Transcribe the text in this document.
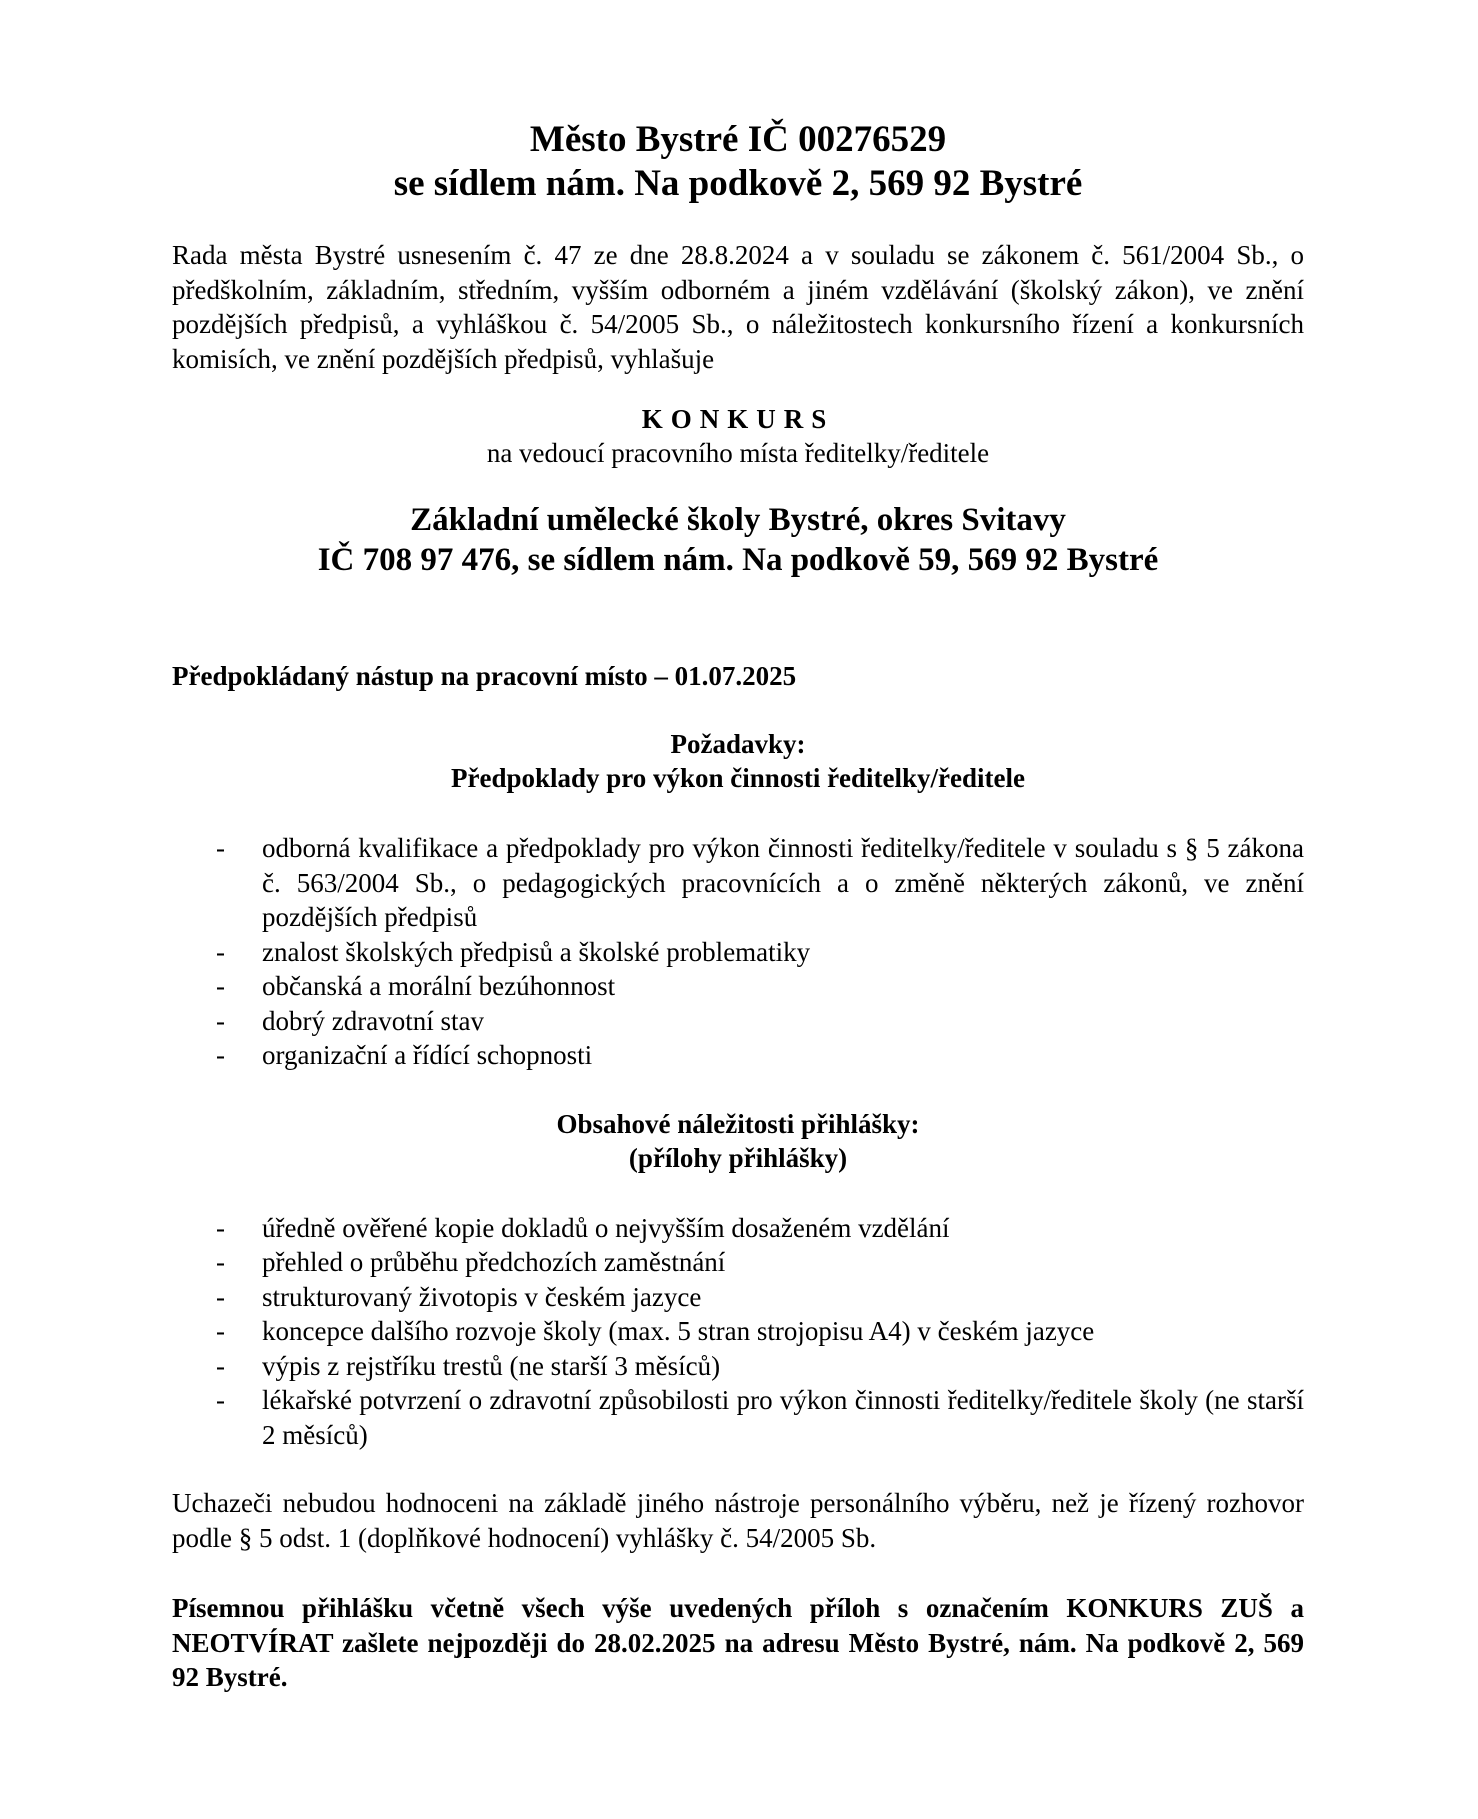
Město Bystré IČ 00276529
se sídlem nám. Na podkově 2, 569 92 Bystré

Rada města Bystré usnesením č. 47 ze dne 28.8.2024 a v souladu se zákonem č. 561/2004 Sb., o předškolním, základním, středním, vyšším odborném a jiném vzdělávání (školský zákon), ve znění pozdějších předpisů, a vyhláškou č. 54/2005 Sb., o náležitostech konkursního řízení a konkursních komisích, ve znění pozdějších předpisů, vyhlašuje

KONKURS
na vedoucí pracovního místa ředitelky/ředitele
Základní umělecké školy Bystré, okres Svitavy
IČ 708 97 476, se sídlem nám. Na podkově 59, 569 92 Bystré
Předpokládaný nástup na pracovní místo – 01.07.2025
Požadavky:
Předpoklady pro výkon činnosti ředitelky/ředitele
- odborná kvalifikace a předpoklady pro výkon činnosti ředitelky/ředitele v souladu s § 5 zákona č. 563/2004 Sb., o pedagogických pracovnících a o změně některých zákonů, ve znění pozdějších předpisů
- znalost školských předpisů a školské problematiky
- občanská a morální bezúhonnost
- dobrý zdravotní stav
- organizační a řídící schopnosti
Obsahové náležitosti přihlášky:
(přílohy přihlášky)
- úředně ověřené kopie dokladů o nejvyšším dosaženém vzdělání
- přehled o průběhu předchozích zaměstnání
- strukturovaný životopis v českém jazyce
- koncepce dalšího rozvoje školy (max. 5 stran strojopisu A4) v českém jazyce
- výpis z rejstříku trestů (ne starší 3 měsíců)
- lékařské potvrzení o zdravotní způsobilosti pro výkon činnosti ředitelky/ředitele školy (ne starší 2 měsíců)

Uchazeči nebudou hodnoceni na základě jiného nástroje personálního výběru, než je řízený rozhovor podle § 5 odst. 1 (doplňkové hodnocení) vyhlášky č. 54/2005 Sb.

Písemnou přihlášku včetně všech výše uvedených příloh s označením KONKURS ZUŠ a NEOTVÍRAT zašlete nejpozději do 28.02.2025 na adresu Město Bystré, nám. Na podkově 2, 569 92 Bystré.
